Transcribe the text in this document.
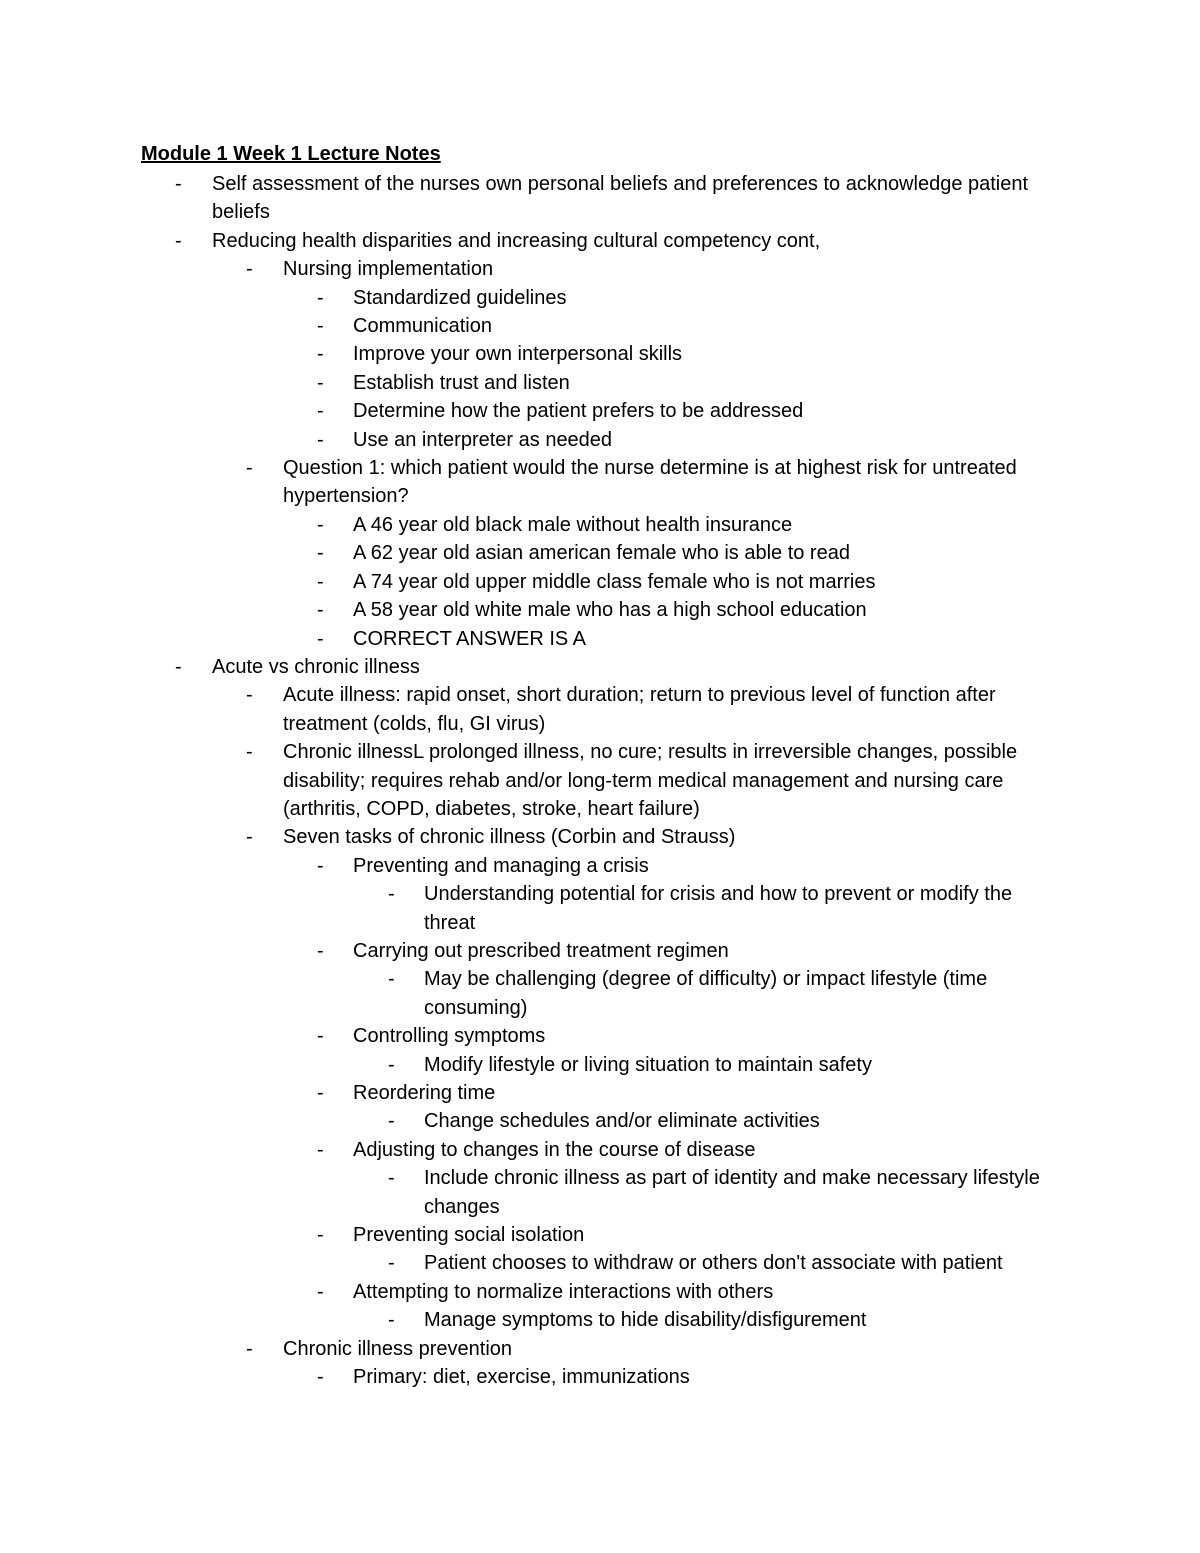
Module 1 Week 1 Lecture Notes
- Self assessment of the nurses own personal beliefs and preferences to acknowledge patient beliefs
- Reducing health disparities and increasing cultural competency cont,
- Nursing implementation
- Standardized guidelines
- Communication
- Improve your own interpersonal skills
- Establish trust and listen
- Determine how the patient prefers to be addressed
- Use an interpreter as needed
- Question 1: which patient would the nurse determine is at highest risk for untreated hypertension?
- A 46 year old black male without health insurance
- A 62 year old asian american female who is able to read
- A 74 year old upper middle class female who is not marries
- A 58 year old white male who has a high school education
- CORRECT ANSWER IS A
- Acute vs chronic illness
- Acute illness: rapid onset, short duration; return to previous level of function after treatment (colds, flu, GI virus)
- Chronic illnessL prolonged illness, no cure; results in irreversible changes, possible disability; requires rehab and/or long-term medical management and nursing care (arthritis, COPD, diabetes, stroke, heart failure)
- Seven tasks of chronic illness (Corbin and Strauss)
- Preventing and managing a crisis
- Understanding potential for crisis and how to prevent or modify the threat
- Carrying out prescribed treatment regimen
- May be challenging (degree of difficulty) or impact lifestyle (time consuming)
- Controlling symptoms
- Modify lifestyle or living situation to maintain safety
- Reordering time
- Change schedules and/or eliminate activities
- Adjusting to changes in the course of disease
- Include chronic illness as part of identity and make necessary lifestyle changes
- Preventing social isolation
- Patient chooses to withdraw or others don't associate with patient
- Attempting to normalize interactions with others
- Manage symptoms to hide disability/disfigurement
- Chronic illness prevention
- Primary: diet, exercise, immunizations
